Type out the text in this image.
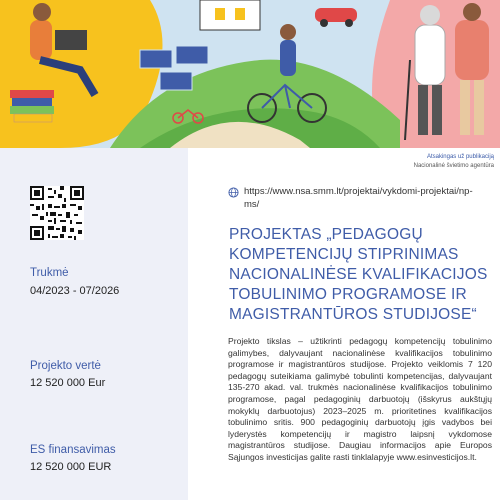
Atsakingas už publikaciją
Nacionalinė švietimo agentūra
https://www.nsa.smm.lt/projektai/vykdomi-projektai/np-ms/
PROJEKTAS „PEDAGOGŲ KOMPETENCIJŲ STIPRINIMAS NACIONALINĖSE KVALIFIKACIJOS TOBULINIMO PROGRAMOSE IR MAGISTRANTŪROS STUDIJOSE“
Trukmė
04/2023 - 07/2026
Projekto vertė
12 520 000 Eur
ES finansavimas
12 520 000 EUR
Projekto tikslas – užtikrinti pedagogų kompetencijų tobulinimo galimybes, dalyvaujant nacionalinėse kvalifikacijos tobulinimo programose ir magistrantūros studijose. Projekto veiklomis 7 120 pedagogų suteikiama galimybė tobulinti kompetencijas, dalyvaujant 135-270 akad. val. trukmės nacionalinėse kvalifikacijos tobulinimo programose, pagal pedagoginių darbuotojų (išskyrus aukštųjų mokyklų darbuotojus) 2023–2025 m. prioritetines kvalifikacijos tobulinimo sritis. 900 pedagoginių darbuotojų įgis vadybos bei lyderystės kompetencijų ir magistro laipsnį vykdomose magistrantūros studijose. Daugiau informacijos apie Europos Sąjungos investicijas galite rasti tinklalapyje www.esinvesticijos.lt.
